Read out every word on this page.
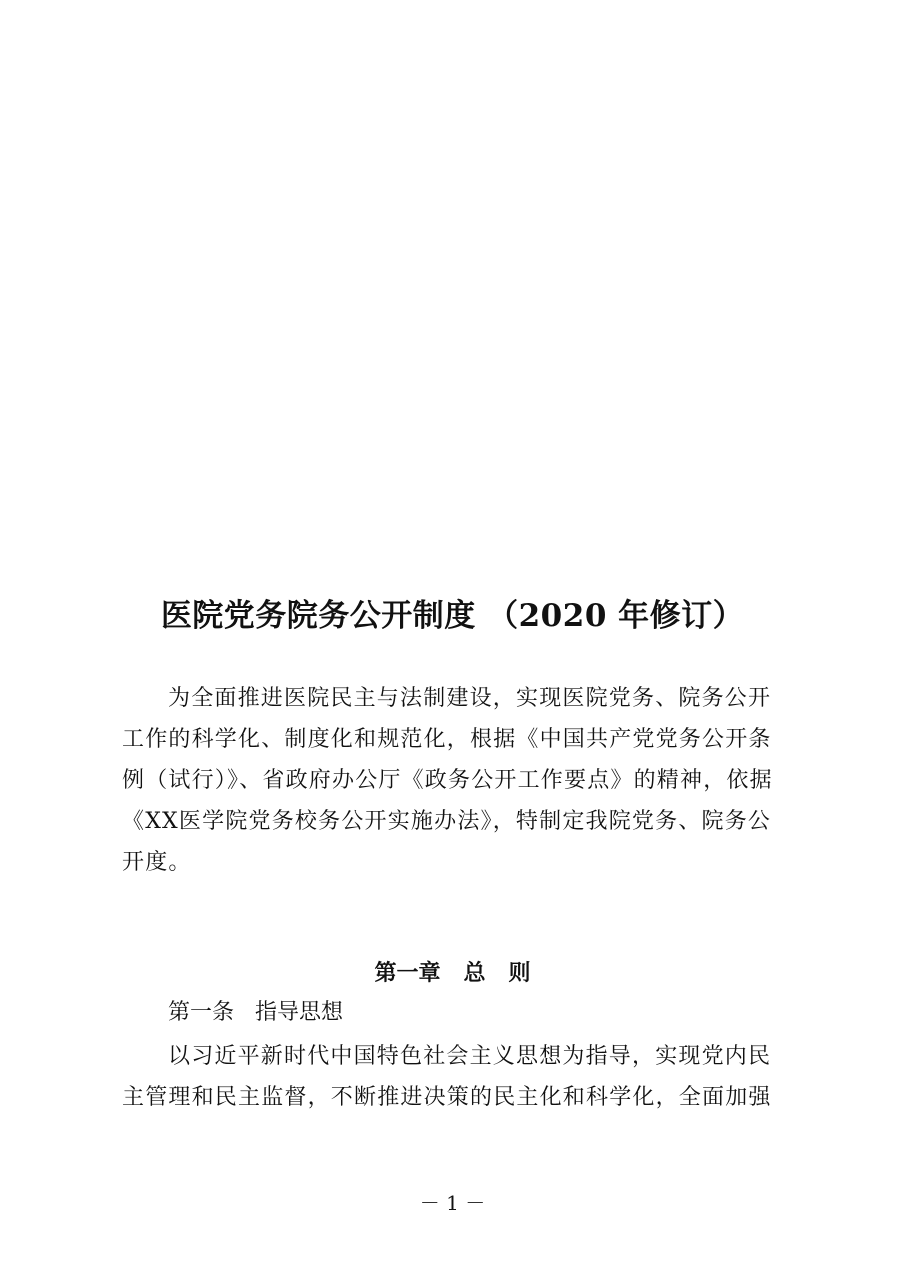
医院党务院务公开制度 （2020 年修订）
为全面推进医院民主与法制建设，实现医院党务、院务公开
工作的科学化、制度化和规范化，根据《中国共产党党务公开条
例（试行）》、省政府办公厅《政务公开工作要点》的精神，依据
《XX医学院党务校务公开实施办法》，特制定我院党务、院务公
开度。
第一章   总   则
第一条   指导思想
以习近平新时代中国特色社会主义思想为指导，实现党内民
主管理和民主监督，不断推进决策的民主化和科学化，全面加强
－ 1 －
